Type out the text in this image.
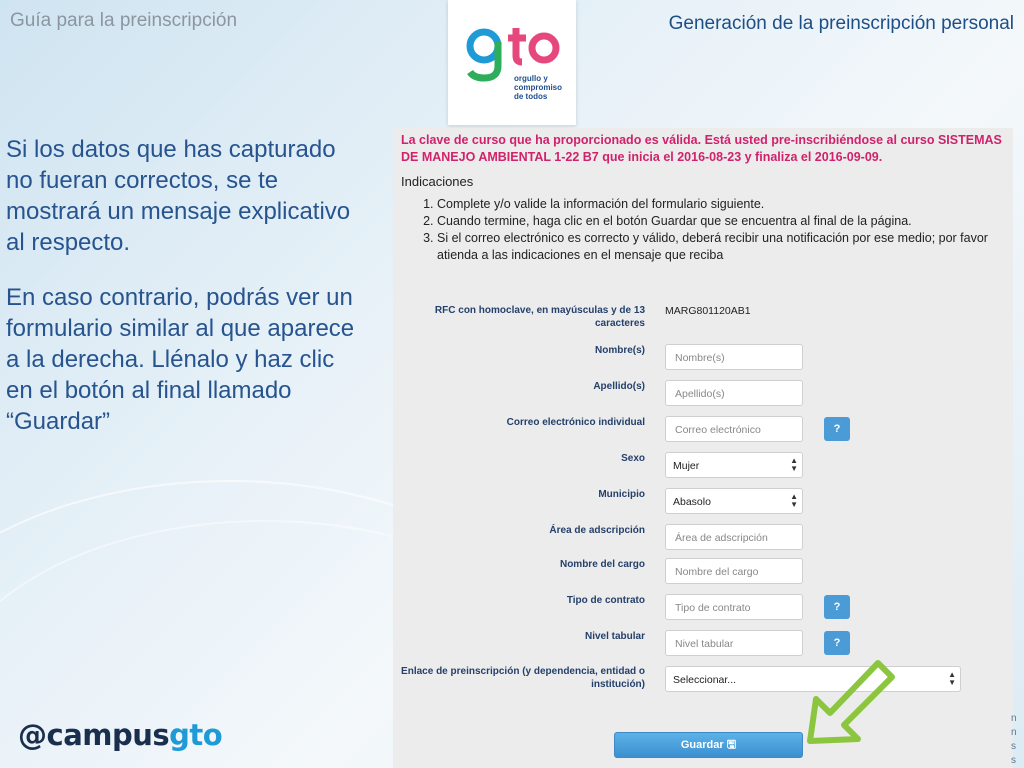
Guía para la preinscripción	Generación de la preinscripción personal
orgullo y
compromiso
de todos

Si los datos que has capturado no fueran correctos, se te mostrará un mensaje explicativo al respecto.

En caso contrario, podrás ver un formulario similar al que aparece a la derecha. Llénalo y haz clic en el botón al final llamado “Guardar”

@campusgto
La clave de curso que ha proporcionado es válida. Está usted pre-inscribiéndose al curso SISTEMAS DE MANEJO AMBIENTAL 1-22 B7 que inicia el 2016-08-23 y finaliza el 2016-09-09.
Indicaciones
1. Complete y/o valide la información del formulario siguiente.
2. Cuando termine, haga clic en el botón Guardar que se encuentra al final de la página.
3. Si el correo electrónico es correcto y válido, deberá recibir una notificación por ese medio; por favor atienda a las indicaciones en el mensaje que reciba
RFC con homoclave, en mayúsculas y de 13 caracteres
MARG801120AB1
Nombre(s)
Nombre(s)
Apellido(s)
Apellido(s)
Correo electrónico individual
Correo electrónico	?
Sexo
Mujer	▲
▼
Municipio
Abasolo	▲
▼
Área de adscripción
Área de adscripción
Nombre del cargo
Nombre del cargo
Tipo de contrato
Tipo de contrato	?
Nivel tabular
Nivel tabular	?
Enlace de preinscripción (y dependencia, entidad o institución)	Seleccionar...	▲
▼
Guardar 🖫
n
n
s
s
